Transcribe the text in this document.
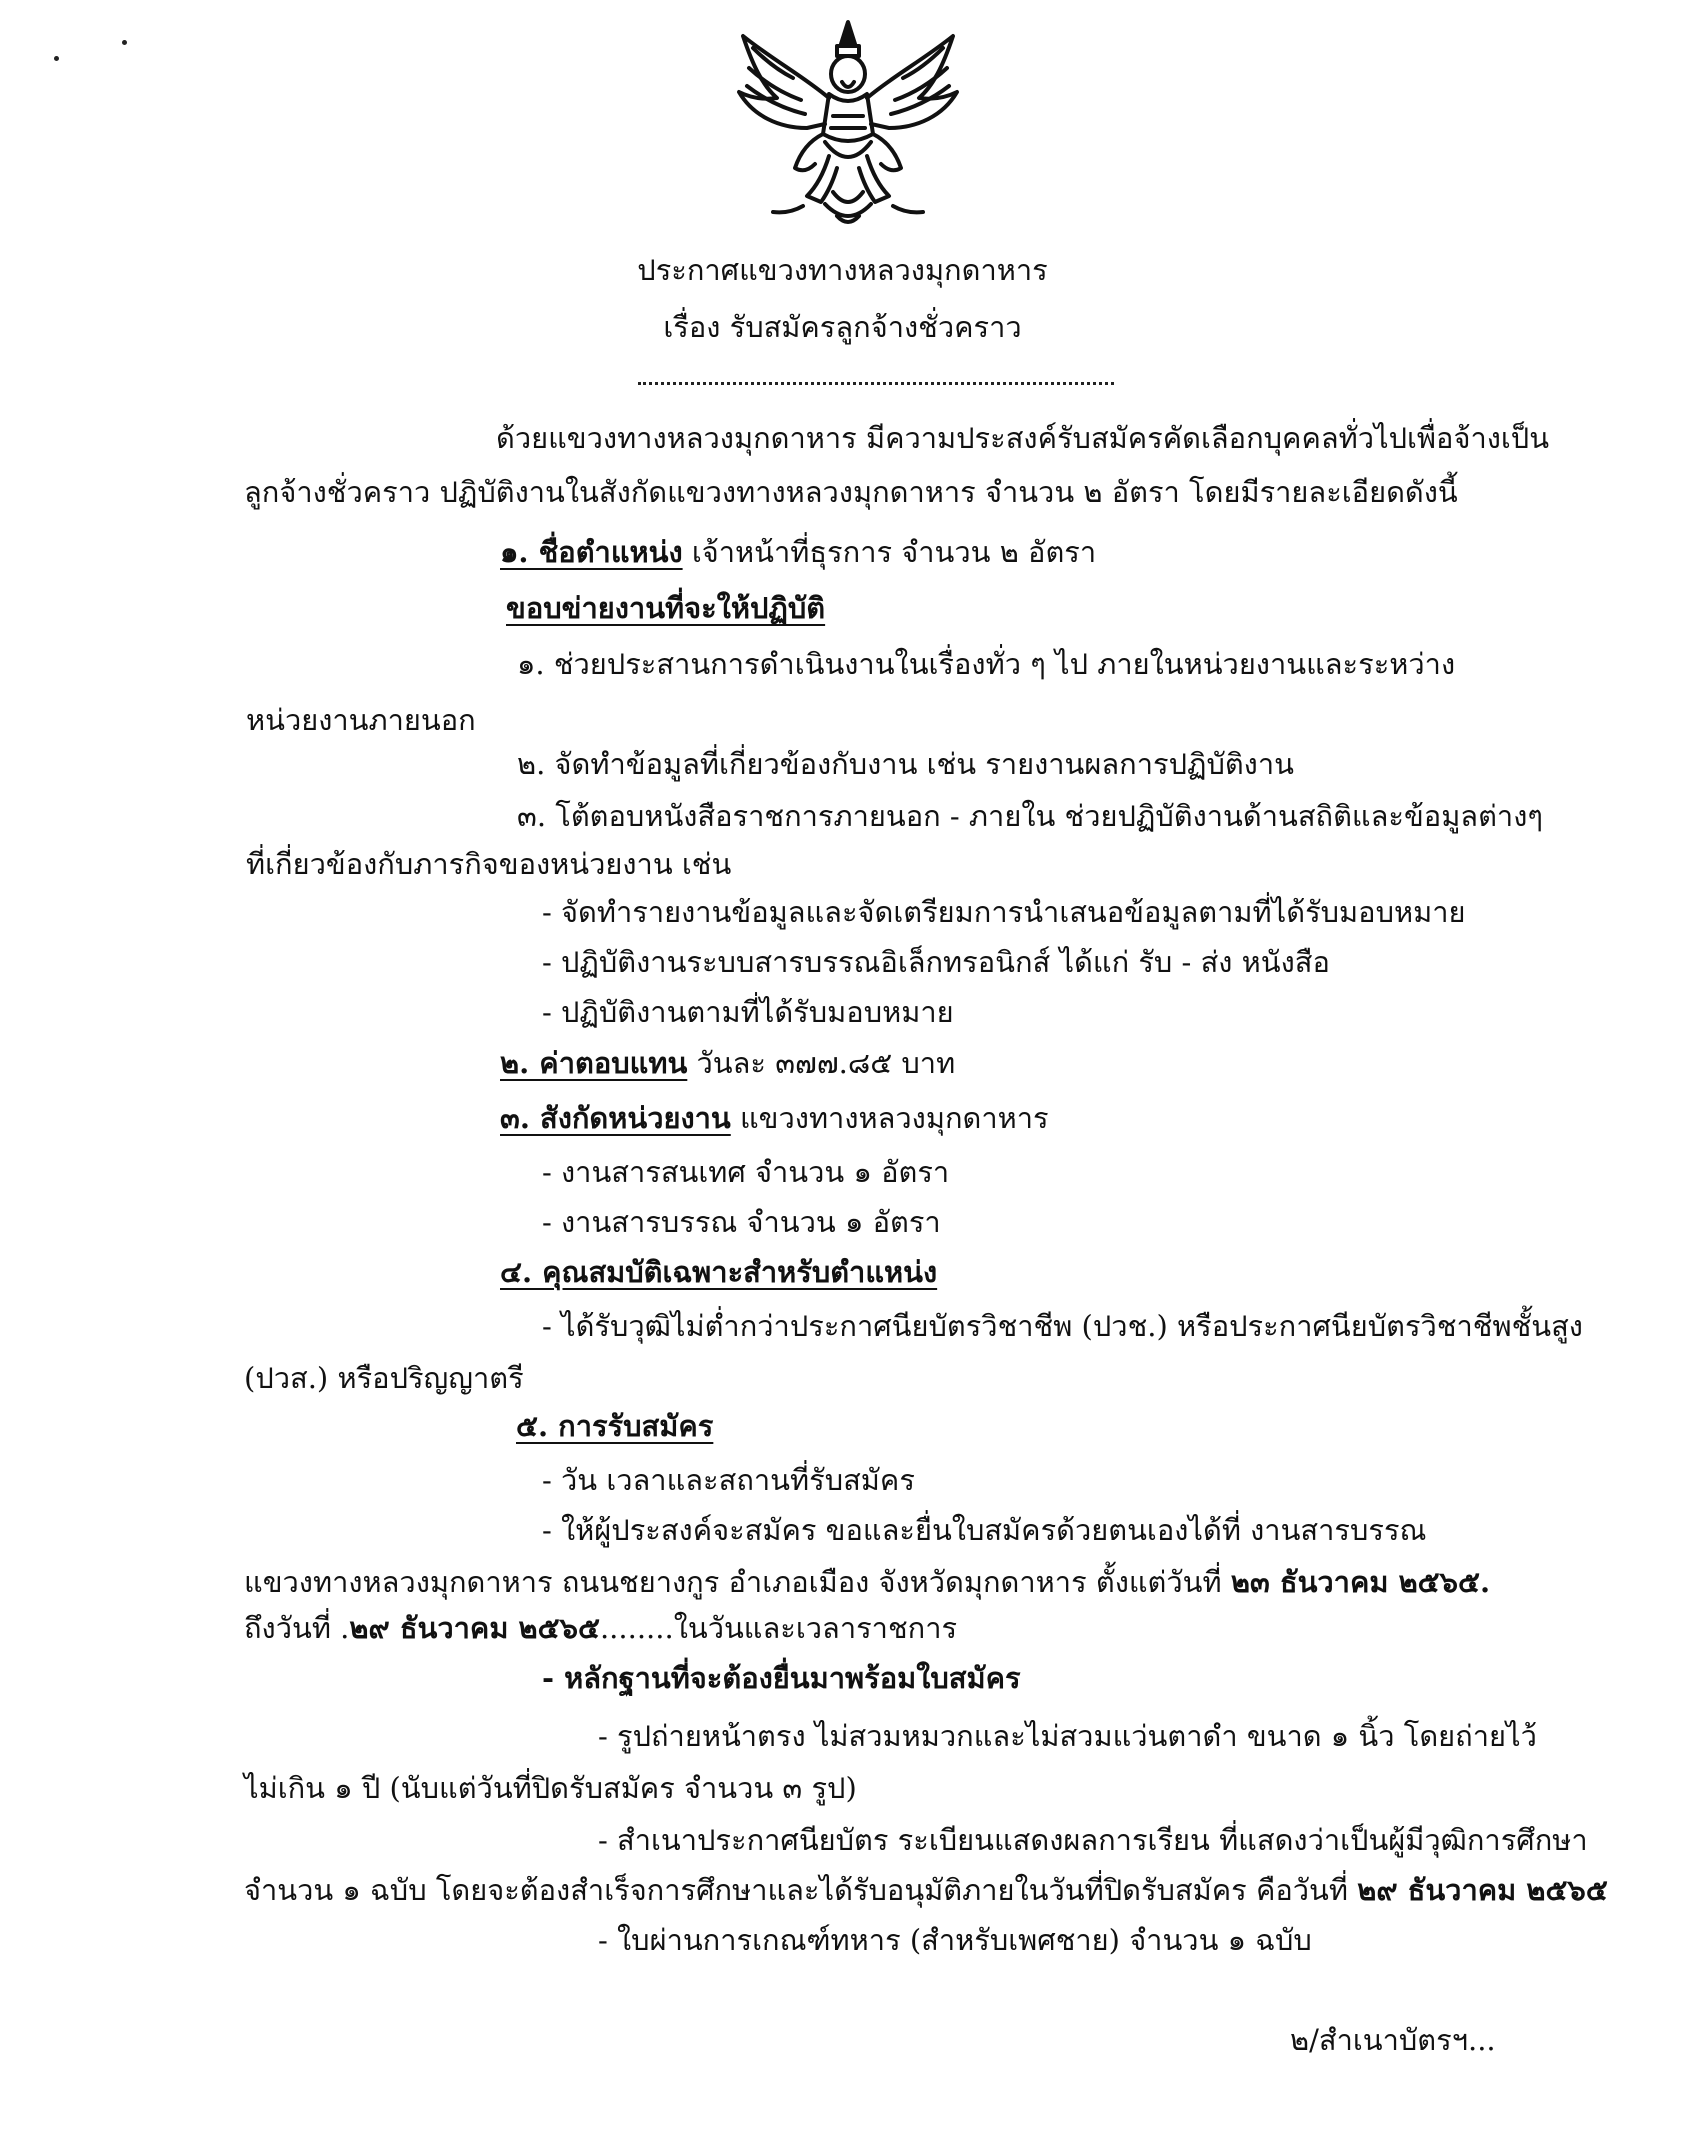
ประกาศแขวงทางหลวงมุกดาหาร
เรื่อง รับสมัครลูกจ้างชั่วคราว
ด้วยแขวงทางหลวงมุกดาหาร มีความประสงค์รับสมัครคัดเลือกบุคคลทั่วไปเพื่อจ้างเป็น
ลูกจ้างชั่วคราว ปฏิบัติงานในสังกัดแขวงทางหลวงมุกดาหาร จำนวน ๒ อัตรา โดยมีรายละเอียดดังนี้
๑. ชื่อตำแหน่ง เจ้าหน้าที่ธุรการ จำนวน ๒ อัตรา
ขอบข่ายงานที่จะให้ปฏิบัติ
๑. ช่วยประสานการดำเนินงานในเรื่องทั่ว ๆ ไป ภายในหน่วยงานและระหว่าง
หน่วยงานภายนอก
๒. จัดทำข้อมูลที่เกี่ยวข้องกับงาน เช่น รายงานผลการปฏิบัติงาน
๓. โต้ตอบหนังสือราชการภายนอก - ภายใน ช่วยปฏิบัติงานด้านสถิติและข้อมูลต่างๆ
ที่เกี่ยวข้องกับภารกิจของหน่วยงาน เช่น
- จัดทำรายงานข้อมูลและจัดเตรียมการนำเสนอข้อมูลตามที่ได้รับมอบหมาย
- ปฏิบัติงานระบบสารบรรณอิเล็กทรอนิกส์ ได้แก่ รับ - ส่ง หนังสือ
- ปฏิบัติงานตามที่ได้รับมอบหมาย
๒. ค่าตอบแทน วันละ ๓๗๗.๘๕ บาท
๓. สังกัดหน่วยงาน แขวงทางหลวงมุกดาหาร
- งานสารสนเทศ จำนวน ๑ อัตรา
- งานสารบรรณ จำนวน ๑ อัตรา
๔. คุณสมบัติเฉพาะสำหรับตำแหน่ง
- ได้รับวุฒิไม่ต่ำกว่าประกาศนียบัตรวิชาชีพ (ปวช.) หรือประกาศนียบัตรวิชาชีพชั้นสูง
(ปวส.) หรือปริญญาตรี
๕. การรับสมัคร
- วัน เวลาและสถานที่รับสมัคร
- ให้ผู้ประสงค์จะสมัคร ขอและยื่นใบสมัครด้วยตนเองได้ที่ งานสารบรรณ
แขวงทางหลวงมุกดาหาร ถนนชยางกูร อำเภอเมือง จังหวัดมุกดาหาร ตั้งแต่วันที่ ๒๓ ธันวาคม ๒๕๖๕.
ถึงวันที่ .๒๙ ธันวาคม ๒๕๖๕........ในวันและเวลาราชการ
- หลักฐานที่จะต้องยื่นมาพร้อมใบสมัคร
- รูปถ่ายหน้าตรง ไม่สวมหมวกและไม่สวมแว่นตาดำ ขนาด ๑ นิ้ว โดยถ่ายไว้
ไม่เกิน ๑ ปี (นับแต่วันที่ปิดรับสมัคร จำนวน ๓ รูป)
- สำเนาประกาศนียบัตร ระเบียนแสดงผลการเรียน ที่แสดงว่าเป็นผู้มีวุฒิการศึกษา
จำนวน ๑ ฉบับ โดยจะต้องสำเร็จการศึกษาและได้รับอนุมัติภายในวันที่ปิดรับสมัคร คือวันที่ ๒๙ ธันวาคม ๒๕๖๕
- ใบผ่านการเกณฑ์ทหาร (สำหรับเพศชาย) จำนวน ๑ ฉบับ
๒/สำเนาบัตรฯ...
